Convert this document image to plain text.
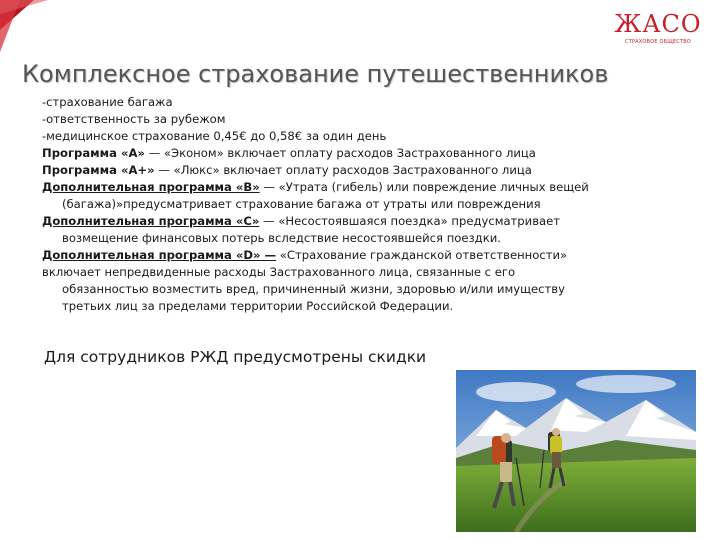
ЖАСО
СТРАХОВОЕ ОБЩЕСТВО
Комплексное страхование путешественников
-страхование багажа
-ответственность за рубежом
-медицинское страхование 0,45€ до 0,58€ за один день
Программа «А» — «Эконом» включает оплату расходов Застрахованного лица
Программа «А+» — «Люкс» включает оплату расходов Застрахованного лица
Дополнительная программа «В» — «Утрата (гибель) или повреждение личных вещей
(багажа)»предусматривает страхование багажа от утраты или повреждения
Дополнительная программа «С» — «Несостоявшаяся поездка» предусматривает
возмещение финансовых потерь вследствие несостоявшейся поездки.
Дополнительная программа «D» — «Страхование гражданской ответственности»
включает непредвиденные расходы Застрахованного лица, связанные с его
обязанностью возместить вред, причиненный жизни, здоровью и/или имуществу
третьих лиц за пределами территории Российской Федерации.
Для сотрудников РЖД предусмотрены скидки
